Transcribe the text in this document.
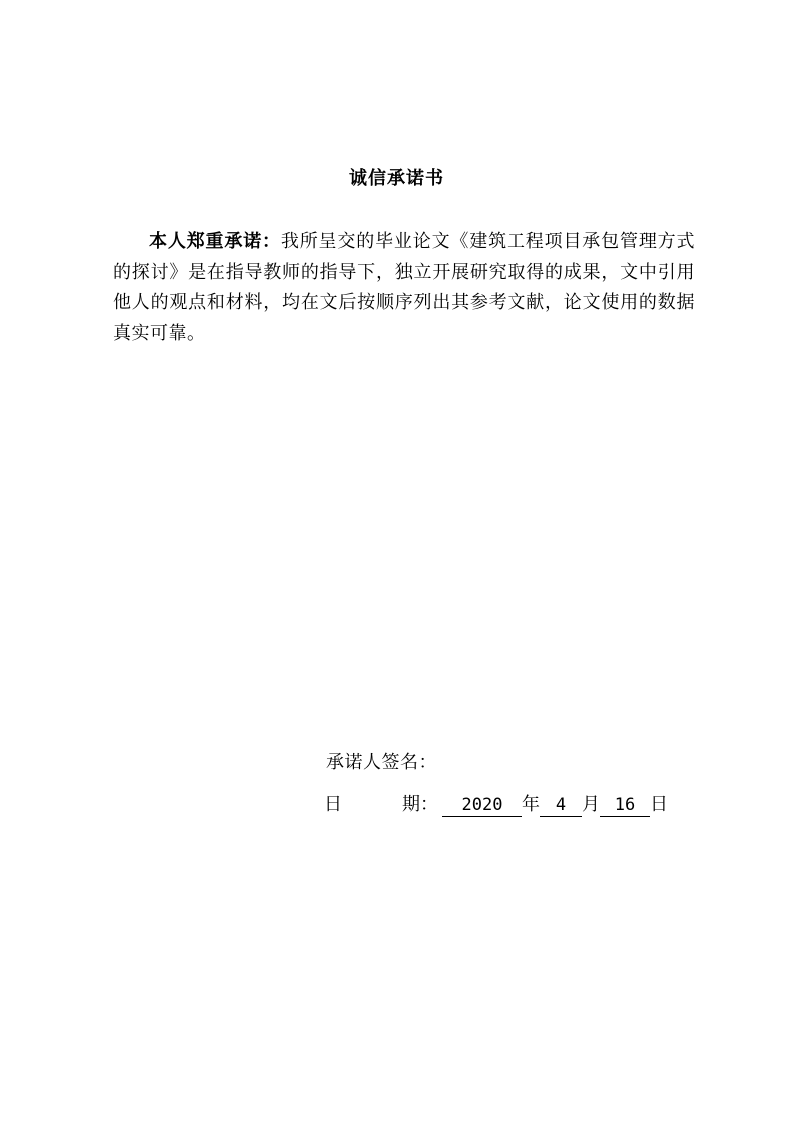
诚信承诺书
本人郑重承诺：我所呈交的毕业论文《建筑工程项目承包管理方式的探讨》是在指导教师的指导下，独立开展研究取得的成果，文中引用他人的观点和材料，均在文后按顺序列出其参考文献，论文使用的数据真实可靠。
承诺人签名：
日	期： 2020 年 4 月 16 日
